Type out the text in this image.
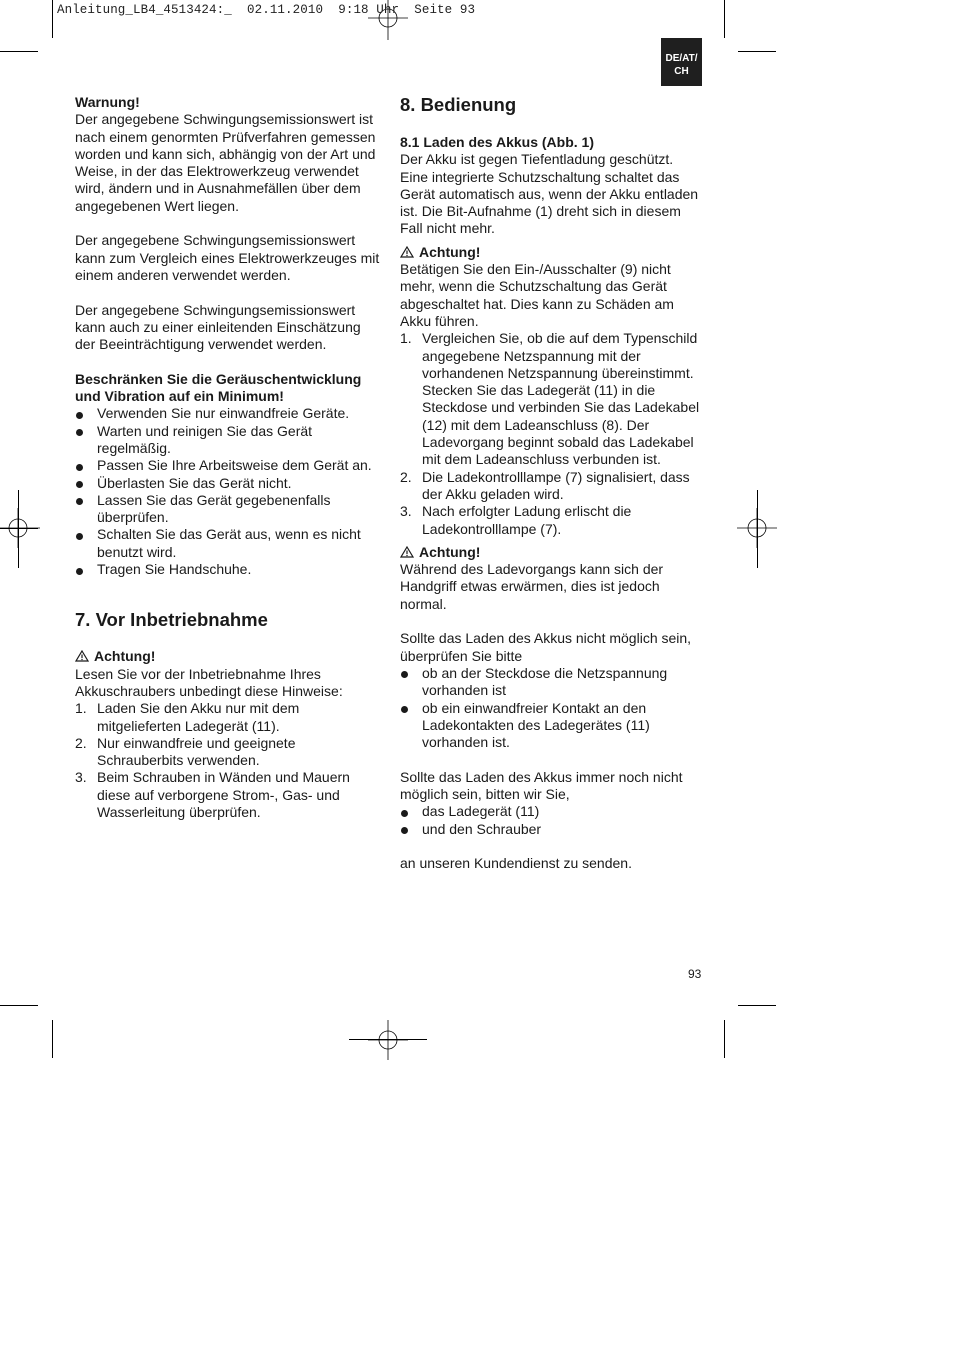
Anleitung_LB4_4513424:_  02.11.2010  9:18 Uhr  Seite 93
DE/AT/
CH

Warnung!

Der angegebene Schwingungsemissionswert ist nach einem genormten Prüfverfahren gemessen worden und kann sich, abhängig von der Art und Weise, in der das Elektrowerkzeug verwendet wird, ändern und in Ausnahmefällen über dem angegebenen Wert liegen.

Der angegebene Schwingungsemissionswert kann zum Vergleich eines Elektrowerkzeuges mit einem anderen verwendet werden.

Der angegebene Schwingungsemissionswert kann auch zu einer einleitenden Einschätzung der Beeinträchtigung verwendet werden.

Beschränken Sie die Geräuschentwicklung und Vibration auf ein Minimum!

Verwenden Sie nur einwandfreie Geräte.
Warten und reinigen Sie das Gerät regelmäßig.
Passen Sie Ihre Arbeitsweise dem Gerät an.
Überlasten Sie das Gerät nicht.
Lassen Sie das Gerät gegebenenfalls überprüfen.
Schalten Sie das Gerät aus, wenn es nicht benutzt wird.
Tragen Sie Handschuhe.

7. Vor Inbetriebnahme

Achtung!

Lesen Sie vor der Inbetriebnahme Ihres Akkuschraubers unbedingt diese Hinweise:

1. Laden Sie den Akku nur mit dem mitgelieferten Ladegerät (11).
2. Nur einwandfreie und geeignete Schrauberbits verwenden.
3. Beim Schrauben in Wänden und Mauern diese auf verborgene Strom-, Gas- und Wasserleitung überprüfen.

8. Bedienung

8.1 Laden des Akkus (Abb. 1)

Der Akku ist gegen Tiefentladung geschützt. Eine integrierte Schutzschaltung schaltet das Gerät automatisch aus, wenn der Akku entladen ist. Die Bit-Aufnahme (1) dreht sich in diesem Fall nicht mehr.

Achtung!

Betätigen Sie den Ein-/Ausschalter (9) nicht mehr, wenn die Schutzschaltung das Gerät abgeschaltet hat. Dies kann zu Schäden am Akku führen.

1. Vergleichen Sie, ob die auf dem Typenschild angegebene Netzspannung mit der vorhandenen Netzspannung übereinstimmt. Stecken Sie das Ladegerät (11) in die Steckdose und verbinden Sie das Ladekabel (12) mit dem Ladeanschluss (8). Der Ladevorgang beginnt sobald das Ladekabel mit dem Ladeanschluss verbunden ist.
2. Die Ladekontrolllampe (7) signalisiert, dass der Akku geladen wird.
3. Nach erfolgter Ladung erlischt die Ladekontrolllampe (7).

Achtung!

Während des Ladevorgangs kann sich der Handgriff etwas erwärmen, dies ist jedoch normal.

Sollte das Laden des Akkus nicht möglich sein, überprüfen Sie bitte

ob an der Steckdose die Netzspannung vorhanden ist
ob ein einwandfreier Kontakt an den Ladekontakten des Ladegerätes (11) vorhanden ist.

Sollte das Laden des Akkus immer noch nicht möglich sein, bitten wir Sie,

das Ladegerät (11)
und den Schrauber

an unseren Kundendienst zu senden.

93
